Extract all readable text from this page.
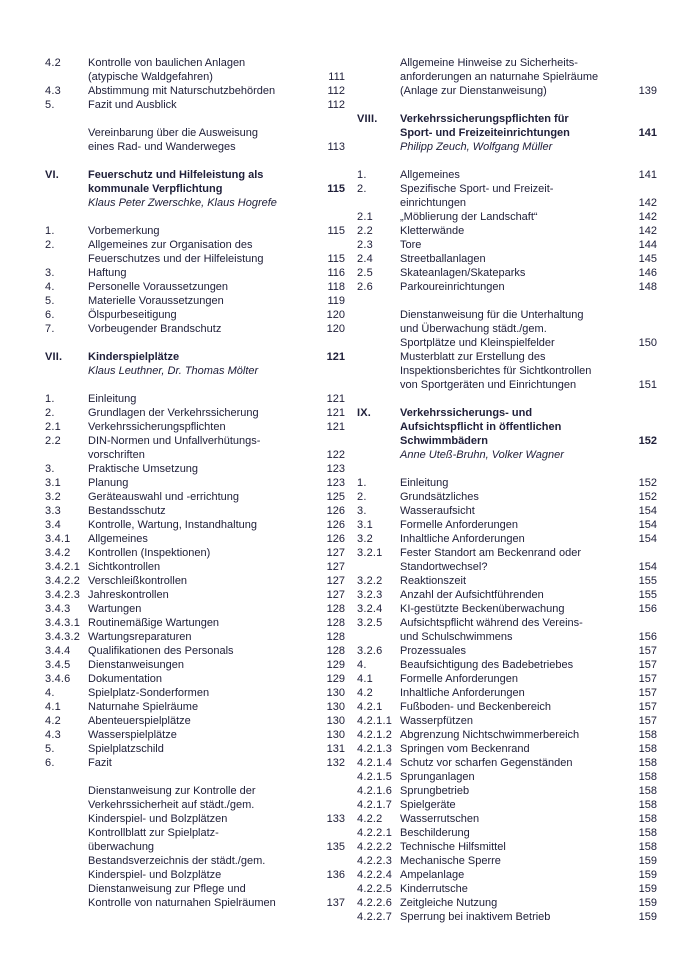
4.2	Kontrolle von baulichen Anlagen
(atypische Waldgefahren)	111
4.3	Abstimmung mit Naturschutzbehörden	112
5.	Fazit und Ausblick	112
Vereinbarung über die Ausweisung
eines Rad- und Wanderweges	113
VI.	Feuerschutz und Hilfeleistung als
kommunale Verpflichtung	115
Klaus Peter Zwerschke, Klaus Hogrefe
1.	Vorbemerkung	115
2.	Allgemeines zur Organisation des
Feuerschutzes und der Hilfeleistung	115
3.	Haftung	116
4.	Personelle Voraussetzungen	118
5.	Materielle Voraussetzungen	119
6.	Ölspurbeseitigung	120
7.	Vorbeugender Brandschutz	120
VII.	Kinderspielplätze	121
Klaus Leuthner, Dr. Thomas Mölter
1.	Einleitung	121
2.	Grundlagen der Verkehrssicherung	121
2.1	Verkehrssicherungspflichten	121
2.2	DIN-Normen und Unfallverhütungs-
vorschriften	122
3.	Praktische Umsetzung	123
3.1	Planung	123
3.2	Geräteauswahl und -errichtung	125
3.3	Bestandsschutz	126
3.4	Kontrolle, Wartung, Instandhaltung	126
3.4.1	Allgemeines	126
3.4.2	Kontrollen (Inspektionen)	127
3.4.2.1 Sichtkontrollen	127
3.4.2.2 Verschleißkontrollen	127
3.4.2.3 Jahreskontrollen	127
3.4.3	Wartungen	128
3.4.3.1 Routinemäßige Wartungen	128
3.4.3.2 Wartungsreparaturen	128
3.4.4	Qualifikationen des Personals	128
3.4.5	Dienstanweisungen	129
3.4.6	Dokumentation	129
4.	Spielplatz-Sonderformen	130
4.1	Naturnahe Spielräume	130
4.2	Abenteuerspielplätze	130
4.3	Wasserspielplätze	130
5.	Spielplatzschild	131
6.	Fazit	132
Dienstanweisung zur Kontrolle der
Verkehrssicherheit auf städt./gem.
Kinderspiel- und Bolzplätzen	133
Kontrollblatt zur Spielplatz-
überwachung	135
Bestandsverzeichnis der städt./gem.
Kinderspiel- und Bolzplätze	136
Dienstanweisung zur Pflege und
Kontrolle von naturnahen Spielräumen	137
Allgemeine Hinweise zu Sicherheits-
anforderungen an naturnahe Spielräume
(Anlage zur Dienstanweisung)	139
VIII.	Verkehrssicherungspflichten für
Sport- und Freizeiteinrichtungen	141
Philipp Zeuch, Wolfgang Müller
1.	Allgemeines	141
2.	Spezifische Sport- und Freizeit-
einrichtungen	142
2.1	„Möblierung der Landschaft“	142
2.2	Kletterwände	142
2.3	Tore	144
2.4	Streetballanlagen	145
2.5	Skateanlagen/Skateparks	146
2.6	Parkoureinrichtungen	148
Dienstanweisung für die Unterhaltung
und Überwachung städt./gem.
Sportplätze und Kleinspielfelder	150
Musterblatt zur Erstellung des
Inspektionsberichtes für Sichtkontrollen
von Sportgeräten und Einrichtungen	151
IX.	Verkehrssicherungs- und
Aufsichtspflicht in öffentlichen
Schwimmbädern	152
Anne Uteß-Bruhn, Volker Wagner
1.	Einleitung	152
2.	Grundsätzliches	152
3.	Wasseraufsicht	154
3.1	Formelle Anforderungen	154
3.2	Inhaltliche Anforderungen	154
3.2.1	Fester Standort am Beckenrand oder
Standortwechsel?	154
3.2.2	Reaktionszeit	155
3.2.3	Anzahl der Aufsichtführenden	155
3.2.4	KI-gestützte Beckenüberwachung	156
3.2.5	Aufsichtspflicht während des Vereins-
und Schulschwimmens	156
3.2.6	Prozessuales	157
4.	Beaufsichtigung des Badebetriebes	157
4.1	Formelle Anforderungen	157
4.2	Inhaltliche Anforderungen	157
4.2.1	Fußboden- und Beckenbereich	157
4.2.1.1 Wasserpfützen	157
4.2.1.2 Abgrenzung Nichtschwimmerbereich	158
4.2.1.3 Springen vom Beckenrand	158
4.2.1.4 Schutz vor scharfen Gegenständen	158
4.2.1.5 Sprunganlagen	158
4.2.1.6 Sprungbetrieb	158
4.2.1.7 Spielgeräte	158
4.2.2	Wasserrutschen	158
4.2.2.1 Beschilderung	158
4.2.2.2 Technische Hilfsmittel	158
4.2.2.3 Mechanische Sperre	159
4.2.2.4 Ampelanlage	159
4.2.2.5 Kinderrutsche	159
4.2.2.6 Zeitgleiche Nutzung	159
4.2.2.7 Sperrung bei inaktivem Betrieb	159
